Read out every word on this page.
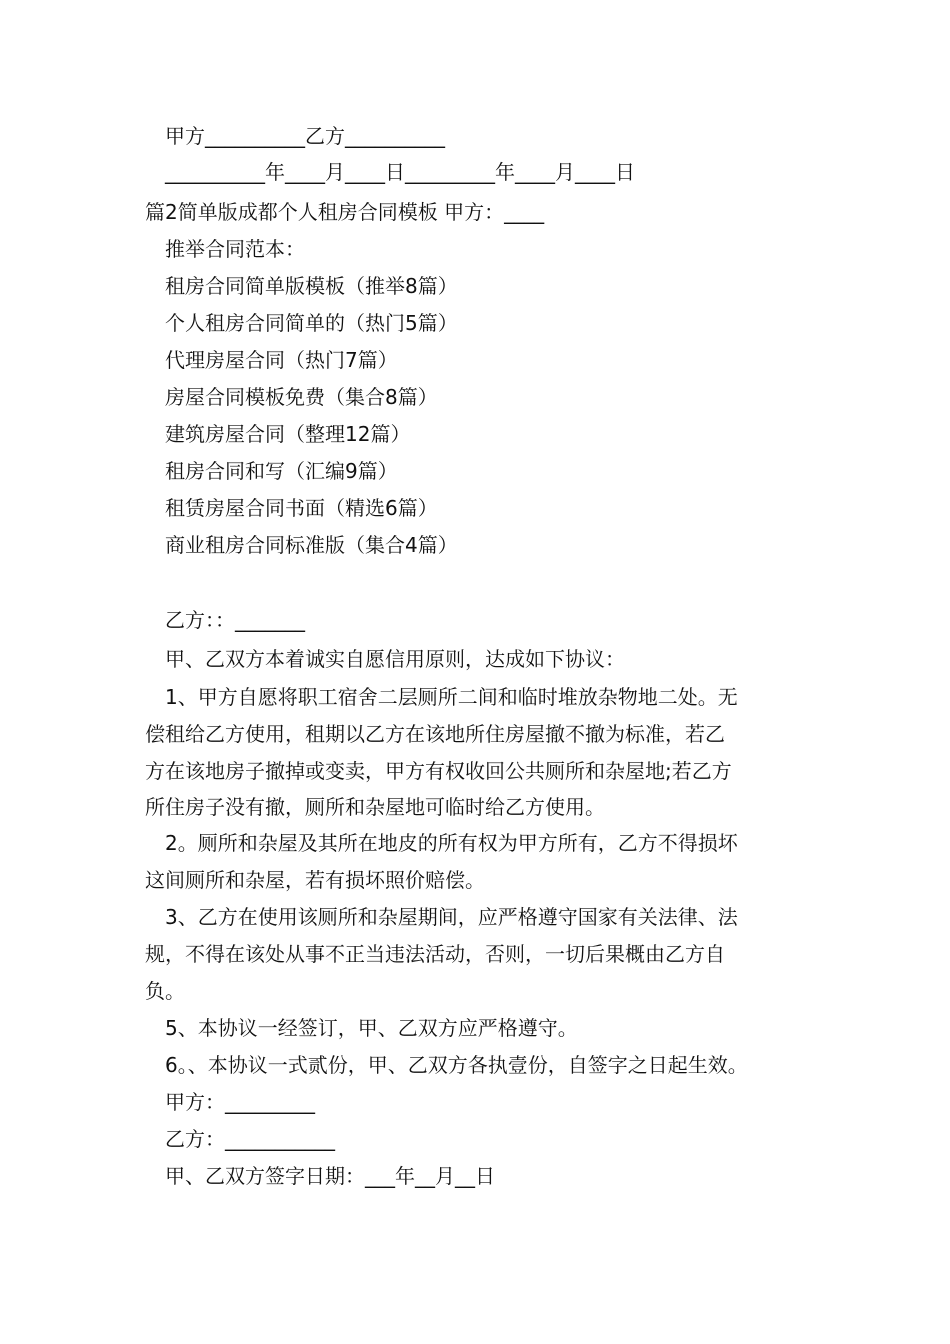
甲方__________乙方__________
__________年____月____日_________年____月____日
篇2简单版成都个人租房合同模板 甲方：____
推举合同范本：
租房合同简单版模板（推举8篇）
个人租房合同简单的（热门5篇）
代理房屋合同（热门7篇）
房屋合同模板免费（集合8篇）
建筑房屋合同（整理12篇）
租房合同和写（汇编9篇）
租赁房屋合同书面（精选6篇）
商业租房合同标准版（集合4篇）
乙方：：_______
甲、乙双方本着诚实自愿信用原则，达成如下协议：
1、甲方自愿将职工宿舍二层厕所二间和临时堆放杂物地二处。无
偿租给乙方使用，租期以乙方在该地所住房屋撤不撤为标准，若乙
方在该地房子撤掉或变卖，甲方有权收回公共厕所和杂屋地;若乙方
所住房子没有撤，厕所和杂屋地可临时给乙方使用。
2。厕所和杂屋及其所在地皮的所有权为甲方所有，乙方不得损坏
这间厕所和杂屋，若有损坏照价赔偿。
3、乙方在使用该厕所和杂屋期间，应严格遵守国家有关法律、法
规，不得在该处从事不正当违法活动，否则，一切后果概由乙方自
负。
5、本协议一经签订，甲、乙双方应严格遵守。
6。、本协议一式贰份，甲、乙双方各执壹份，自签字之日起生效。
甲方：_________
乙方：___________
甲、乙双方签字日期：___年__月__日
